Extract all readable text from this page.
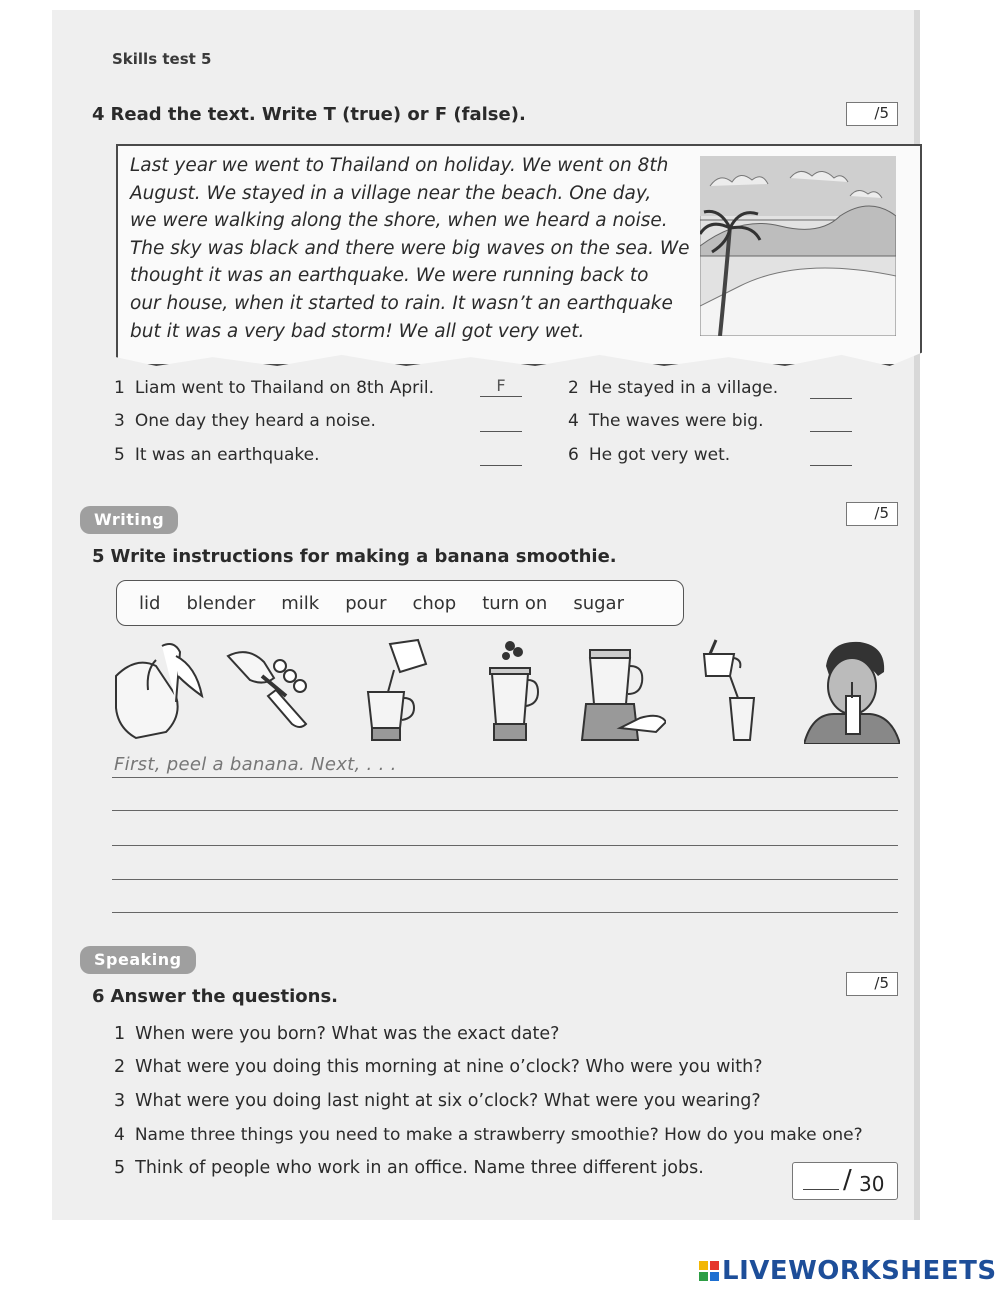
Skills test 5
4 Read the text. Write T (true) or F (false).	/5
Last year we went to Thailand on holiday. We went on 8th
August. We stayed in a village near the beach. One day,
we were walking along the shore, when we heard a noise.
The sky was black and there were big waves on the sea. We
thought it was an earthquake. We were running back to
our house, when it started to rain. It wasn’t an earthquake
but it was a very bad storm! We all got very wet.
1 Liam went to Thailand on 8th April.	F	2 He stayed in a village.
3 One day they heard a noise.	4 The waves were big.
5 It was an earthquake.	6 He got very wet.
Writing	/5
5 Write instructions for making a banana smoothie.
lid blender milk pour chop turn on sugar
First, peel a banana. Next, . . .
Speaking
/5
6 Answer the questions.
1 When were you born? What was the exact date?
2 What were you doing this morning at nine o’clock? Who were you with?
3 What were you doing last night at six o’clock? What were you wearing?
4 Name three things you need to make a strawberry smoothie? How do you make one?
5 Think of people who work in an office. Name three different jobs.	/ 30
LIVEWORKSHEETS
